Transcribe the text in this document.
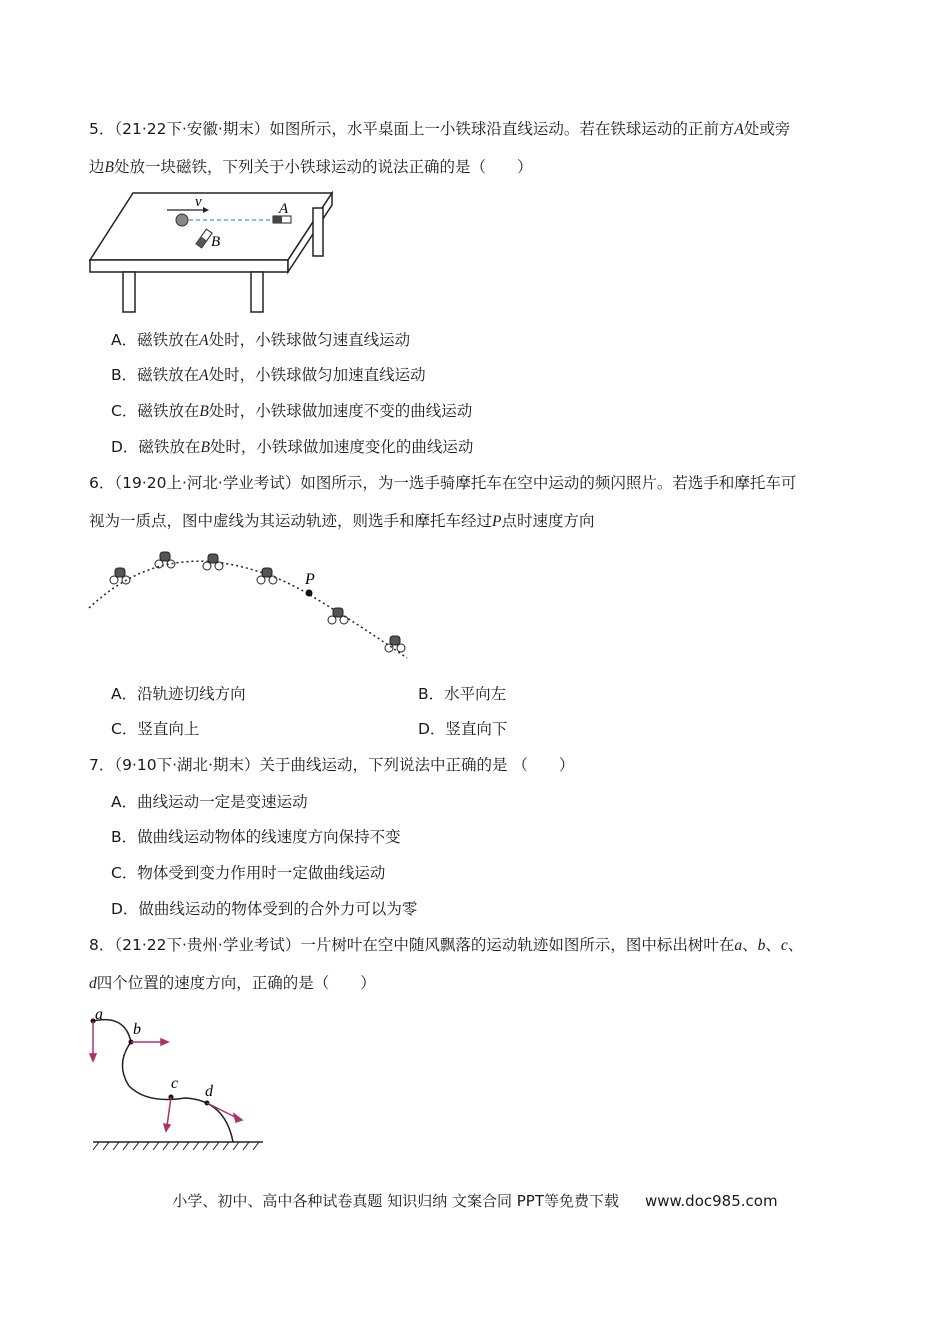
5．（21·22下·安徽·期末）如图所示，水平桌面上一小铁球沿直线运动。若在铁球运动的正前方A处或旁
边B处放一块磁铁，下列关于小铁球运动的说法正确的是（　　）
v	A
B
A．磁铁放在A处时，小铁球做匀速直线运动
B．磁铁放在A处时，小铁球做匀加速直线运动
C．磁铁放在B处时，小铁球做加速度不变的曲线运动
D．磁铁放在B处时，小铁球做加速度变化的曲线运动
6．（19·20上·河北·学业考试）如图所示，为一选手骑摩托车在空中运动的频闪照片。若选手和摩托车可
视为一质点，图中虚线为其运动轨迹，则选手和摩托车经过P点时速度方向
P
A．沿轨迹切线方向	B．水平向左
C．竖直向上	D．竖直向下
7．（9·10下·湖北·期末）关于曲线运动，下列说法中正确的是 （　　）
A．曲线运动一定是变速运动
B．做曲线运动物体的线速度方向保持不变
C．物体受到变力作用时一定做曲线运动
D．做曲线运动的物体受到的合外力可以为零
8．（21·22下·贵州·学业考试）一片树叶在空中随风飘落的运动轨迹如图所示，图中标出树叶在a、b、c、
d四个位置的速度方向，正确的是（　　）
a
b
c d
小学、初中、高中各种试卷真题 知识归纳 文案合同 PPT等免费下载 www.doc985.com
